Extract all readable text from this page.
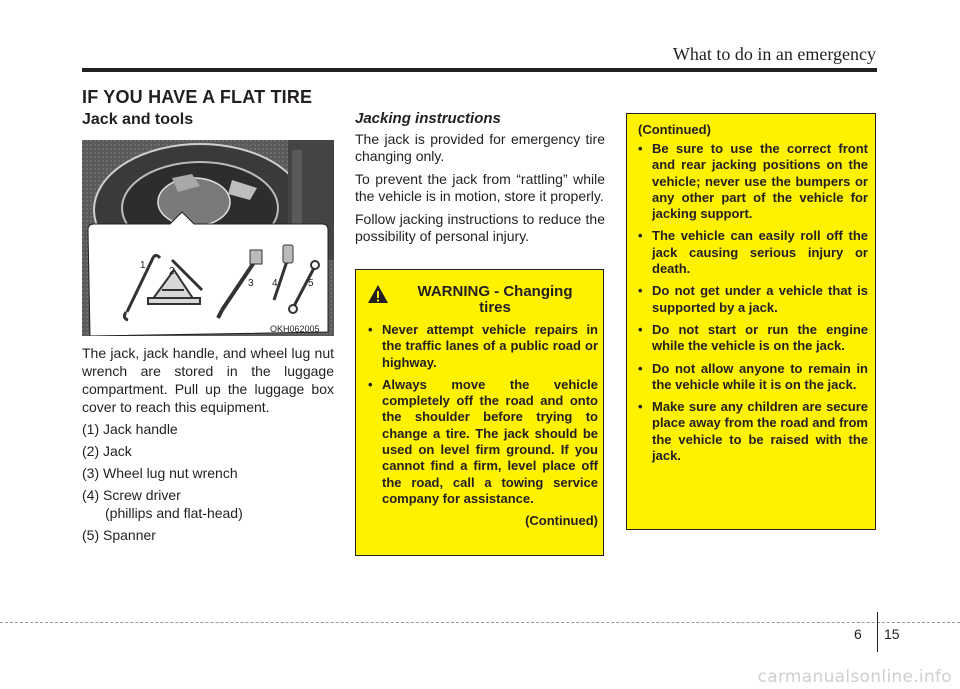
What to do in an emergency
IF YOU HAVE A FLAT TIRE
Jack and tools
1
2
3 4	5
OKH062005

The jack, jack handle, and wheel lug nut wrench are stored in the luggage compartment. Pull up the luggage box cover to reach this equipment.

(1) Jack handle
(2) Jack
(3) Wheel lug nut wrench
(4) Screw driver
(phillips and flat-head)
(5) Spanner
Jacking instructions

The jack is provided for emergency tire changing only.

To prevent the jack from “rattling” while the vehicle is in motion, store it properly.

Follow jacking instructions to reduce the possibility of personal injury.

WARNING - Changing
tires
• Never attempt vehicle repairs in the traffic lanes of a public road or highway.
• Always move the vehicle completely off the road and onto the shoulder before trying to change a tire. The jack should be used on level firm ground. If you cannot find a firm, level place off the road, call a towing service company for assistance.
(Continued)
(Continued)
• Be sure to use the correct front and rear jacking positions on the vehicle; never use the bumpers or any other part of the vehicle for jacking support.
• The vehicle can easily roll off the jack causing serious injury or death.
• Do not get under a vehicle that is supported by a jack.
• Do not start or run the engine while the vehicle is on the jack.
• Do not allow anyone to remain in the vehicle while it is on the jack.
• Make sure any children are secure place away from the road and from the vehicle to be raised with the jack.
6 15
carmanualsonline.info
